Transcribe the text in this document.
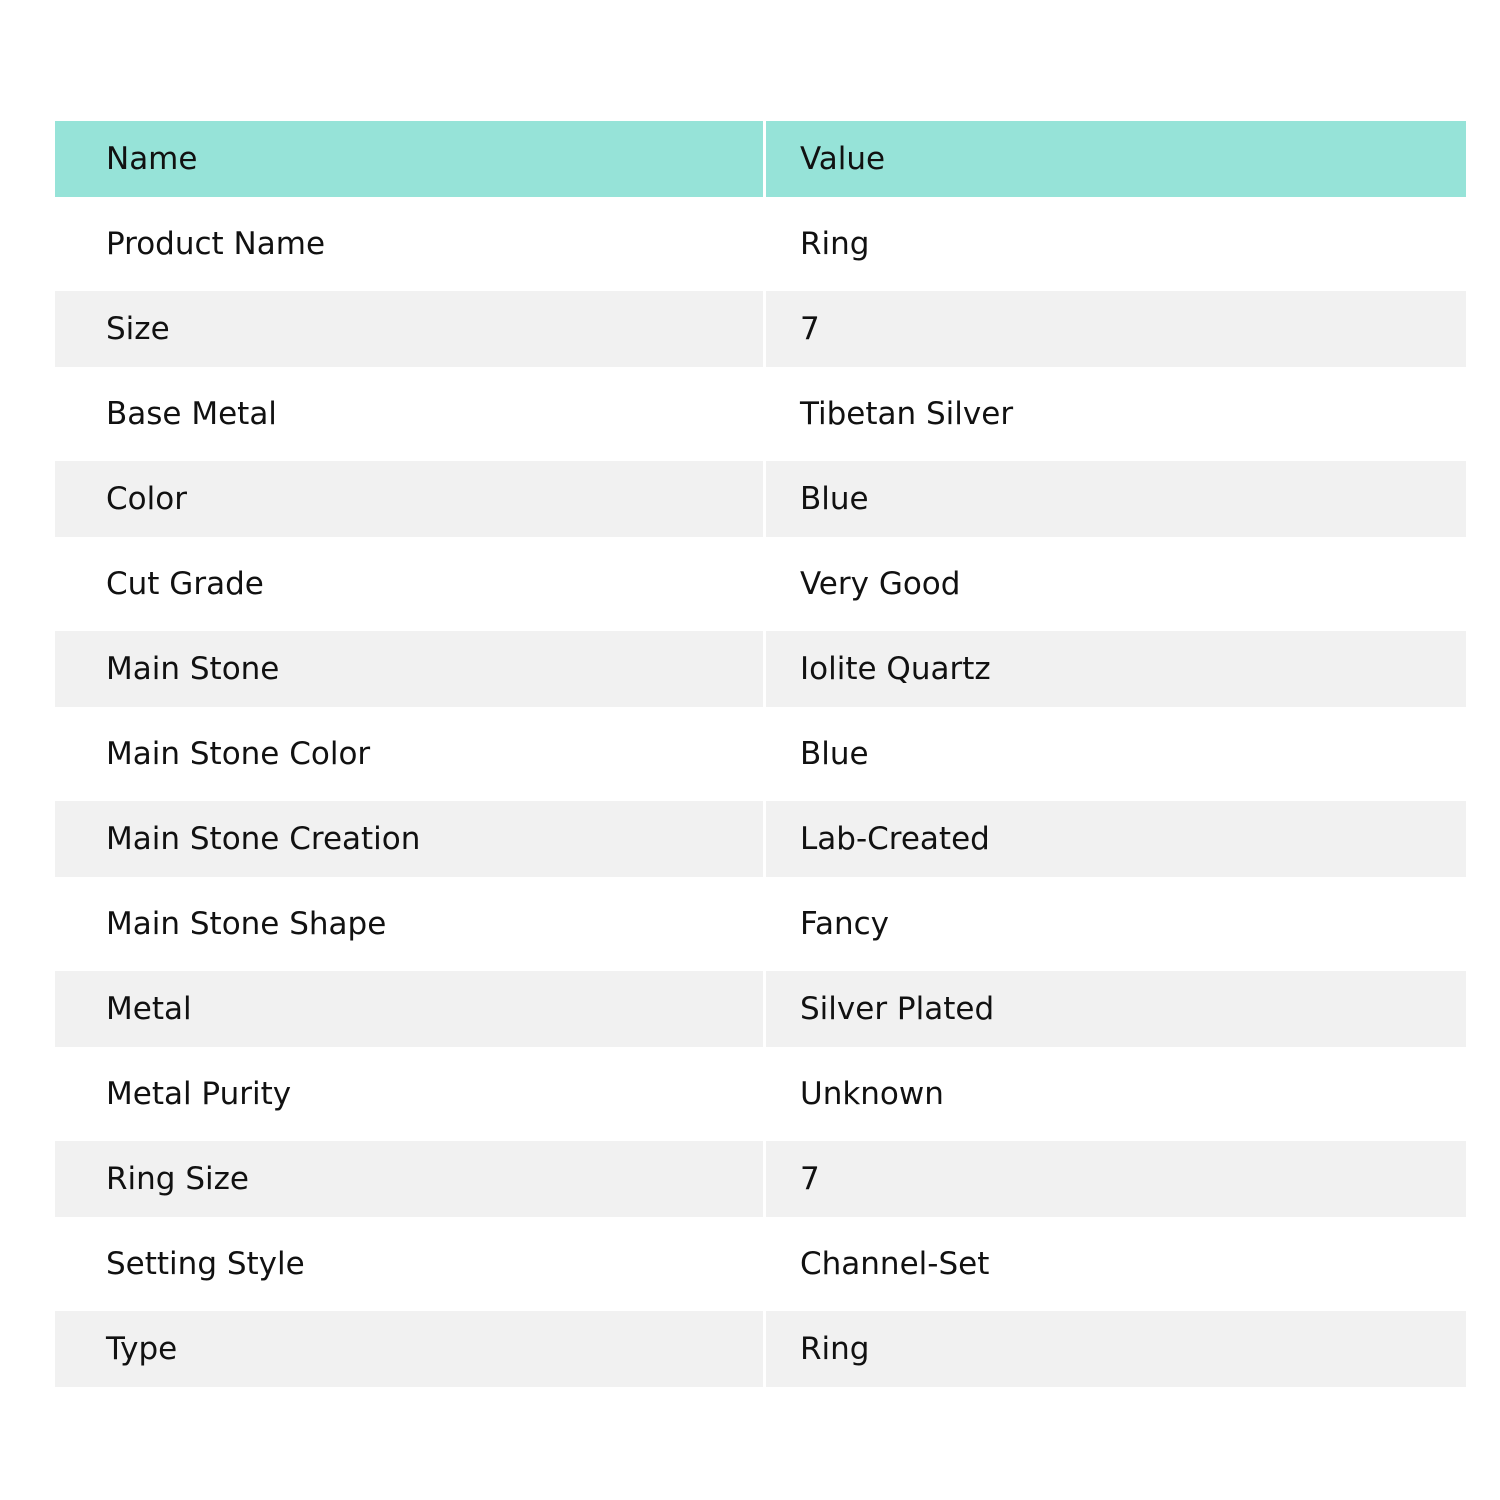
Name	Value
Product Name	Ring
Size	7
Base Metal	Tibetan Silver
Color	Blue
Cut Grade	Very Good
Main Stone	Iolite Quartz
Main Stone Color	Blue
Main Stone Creation	Lab-Created
Main Stone Shape	Fancy
Metal	Silver Plated
Metal Purity	Unknown
Ring Size	7
Setting Style	Channel-Set
Type	Ring
